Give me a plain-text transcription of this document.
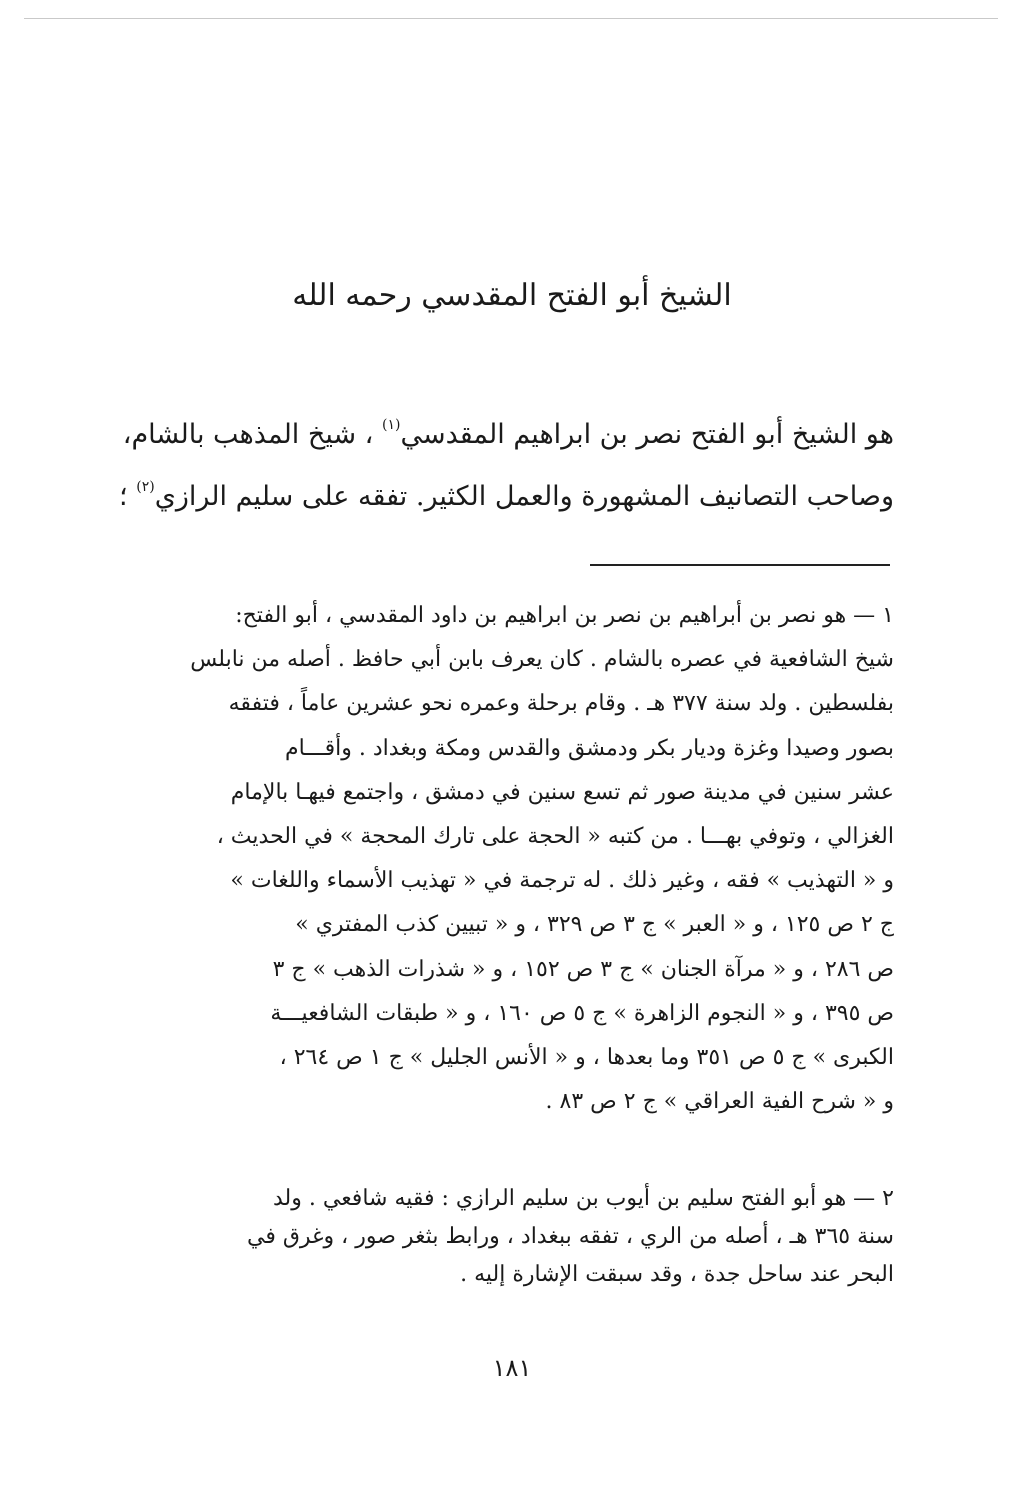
الشيخ أبو الفتح المقدسي رحمه الله
هو الشيخ أبو الفتح نصر بن ابراهيم المقدسي$^{(١)}$ ، شيخ المذهب بالشام،
وصاحب التصانيف المشهورة والعمل الكثير. تفقه على سليم الرازي$^{(٢)}$ ؛
١ — هو نصر بن أبراهيم بن نصر بن ابراهيم بن داود المقدسي ، أبو الفتح:
شيخ الشافعية في عصره بالشام . كان يعرف بابن أبي حافظ . أصله من نابلس
بفلسطين . ولد سنة ٣٧٧ هـ . وقام برحلة وعمره نحو عشرين عاماً ، فتفقه
بصور وصيدا وغزة وديار بكر ودمشق والقدس ومكة وبغداد . وأقـــام
عشر سنين في مدينة صور ثم تسع سنين في دمشق ، واجتمع فيهـا بالإمام
الغزالي ، وتوفي بهـــا . من كتبه « الحجة على تارك المحجة » في الحديث ،
و « التهذيب » فقه ، وغير ذلك . له ترجمة في « تهذيب الأسماء واللغات »
ج ٢ ص ١٢٥ ، و « العبر » ج ٣ ص ٣٢٩ ، و « تبيين كذب المفتري »
ص ٢٨٦ ، و « مرآة الجنان » ج ٣ ص ١٥٢ ، و « شذرات الذهب » ج ٣
ص ٣٩٥ ، و « النجوم الزاهرة » ج ٥ ص ١٦٠ ، و « طبقات الشافعيـــة
الكبرى » ج ٥ ص ٣٥١ وما بعدها ، و « الأنس الجليل » ج ١ ص ٢٦٤ ،
و « شرح الفية العراقي » ج ٢ ص ٨٣ .
٢ — هو أبو الفتح سليم بن أيوب بن سليم الرازي : فقيه شافعي . ولد
سنة ٣٦٥ هـ ، أصله من الري ، تفقه ببغداد ، ورابط بثغر صور ، وغرق في
البحر عند ساحل جدة ، وقد سبقت الإشارة إليه .
١٨١
